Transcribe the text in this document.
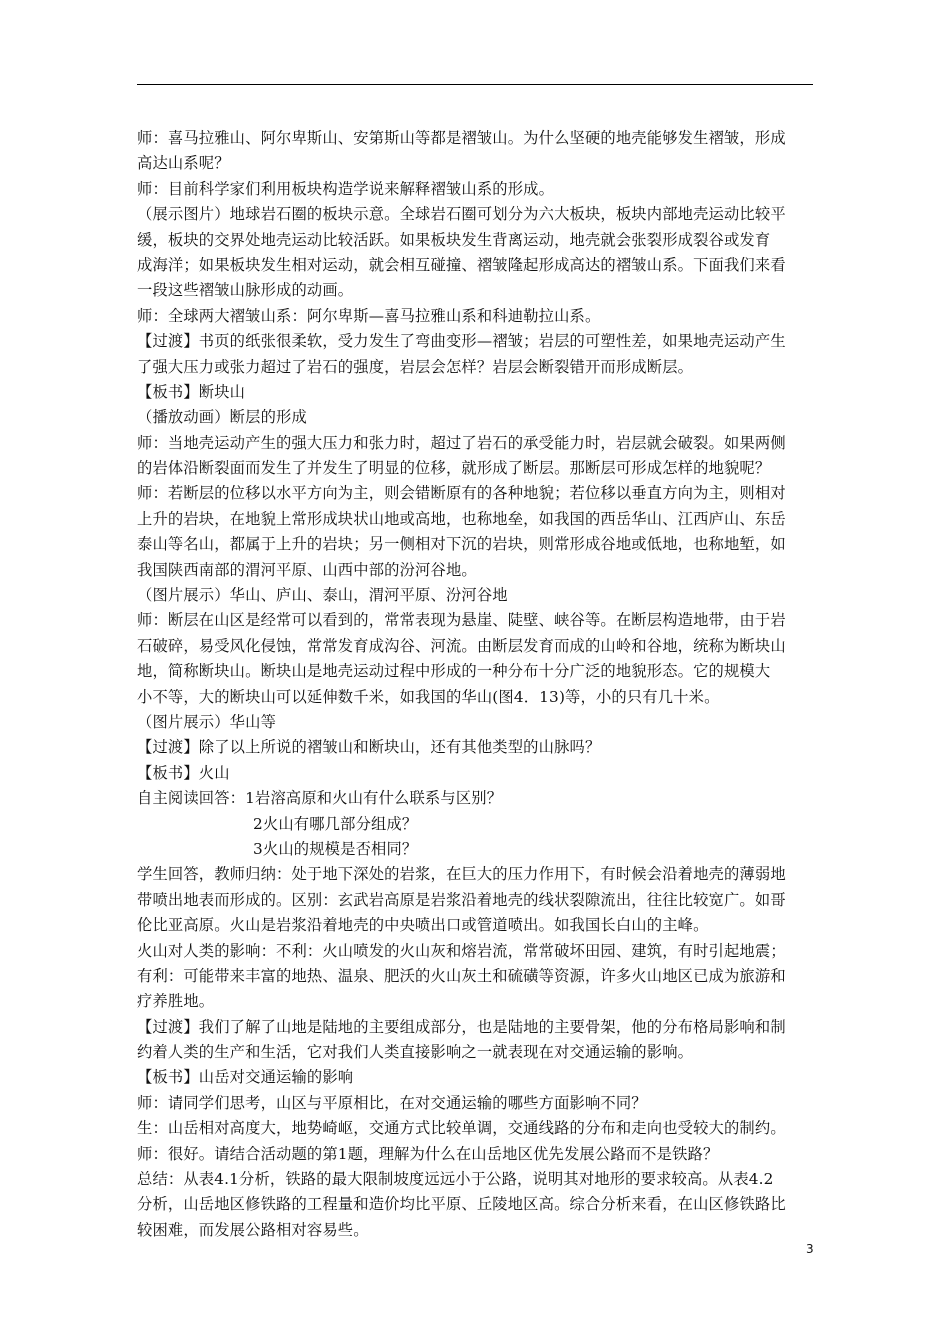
师：喜马拉雅山、阿尔卑斯山、安第斯山等都是褶皱山。为什么坚硬的地壳能够发生褶皱，形成
高达山系呢？
师：目前科学家们利用板块构造学说来解释褶皱山系的形成。
（展示图片）地球岩石圈的板块示意。全球岩石圈可划分为六大板块，板块内部地壳运动比较平
缓，板块的交界处地壳运动比较活跃。如果板块发生背离运动，地壳就会张裂形成裂谷或发育
成海洋；如果板块发生相对运动，就会相互碰撞、褶皱隆起形成高达的褶皱山系。下面我们来看
一段这些褶皱山脉形成的动画。
师：全球两大褶皱山系：阿尔卑斯—喜马拉雅山系和科迪勒拉山系。
【过渡】书页的纸张很柔软，受力发生了弯曲变形—褶皱；岩层的可塑性差，如果地壳运动产生
了强大压力或张力超过了岩石的强度，岩层会怎样？岩层会断裂错开而形成断层。
【板书】断块山
（播放动画）断层的形成
师：当地壳运动产生的强大压力和张力时，超过了岩石的承受能力时，岩层就会破裂。如果两侧
的岩体沿断裂面而发生了并发生了明显的位移，就形成了断层。那断层可形成怎样的地貌呢？
师：若断层的位移以水平方向为主，则会错断原有的各种地貌；若位移以垂直方向为主，则相对
上升的岩块，在地貌上常形成块状山地或高地，也称地垒，如我国的西岳华山、江西庐山、东岳
泰山等名山，都属于上升的岩块；另一侧相对下沉的岩块，则常形成谷地或低地，也称地堑，如
我国陕西南部的渭河平原、山西中部的汾河谷地。
（图片展示）华山、庐山、泰山，渭河平原、汾河谷地
师：断层在山区是经常可以看到的，常常表现为悬崖、陡壁、峡谷等。在断层构造地带，由于岩
石破碎，易受风化侵蚀，常常发育成沟谷、河流。由断层发育而成的山岭和谷地，统称为断块山
地，简称断块山。断块山是地壳运动过程中形成的一种分布十分广泛的地貌形态。它的规模大
小不等，大的断块山可以延伸数千米，如我国的华山(图4．13)等，小的只有几十米。
（图片展示）华山等
【过渡】除了以上所说的褶皱山和断块山，还有其他类型的山脉吗？
【板书】火山
自主阅读回答：1岩溶高原和火山有什么联系与区别？
2火山有哪几部分组成？
3火山的规模是否相同？
学生回答，教师归纳：处于地下深处的岩浆，在巨大的压力作用下，有时候会沿着地壳的薄弱地
带喷出地表而形成的。区别：玄武岩高原是岩浆沿着地壳的线状裂隙流出，往往比较宽广。如哥
伦比亚高原。火山是岩浆沿着地壳的中央喷出口或管道喷出。如我国长白山的主峰。
火山对人类的影响：不利：火山喷发的火山灰和熔岩流，常常破坏田园、建筑，有时引起地震；
有利：可能带来丰富的地热、温泉、肥沃的火山灰土和硫磺等资源，许多火山地区已成为旅游和
疗养胜地。
【过渡】我们了解了山地是陆地的主要组成部分，也是陆地的主要骨架，他的分布格局影响和制
约着人类的生产和生活，它对我们人类直接影响之一就表现在对交通运输的影响。
【板书】山岳对交通运输的影响
师：请同学们思考，山区与平原相比，在对交通运输的哪些方面影响不同？
生：山岳相对高度大，地势崎岖，交通方式比较单调，交通线路的分布和走向也受较大的制约。
师：很好。请结合活动题的第1题，理解为什么在山岳地区优先发展公路而不是铁路？
总结：从表4.1分析，铁路的最大限制坡度远远小于公路，说明其对地形的要求较高。从表4.2
分析，山岳地区修铁路的工程量和造价均比平原、丘陵地区高。综合分析来看，在山区修铁路比
较困难，而发展公路相对容易些。
3
